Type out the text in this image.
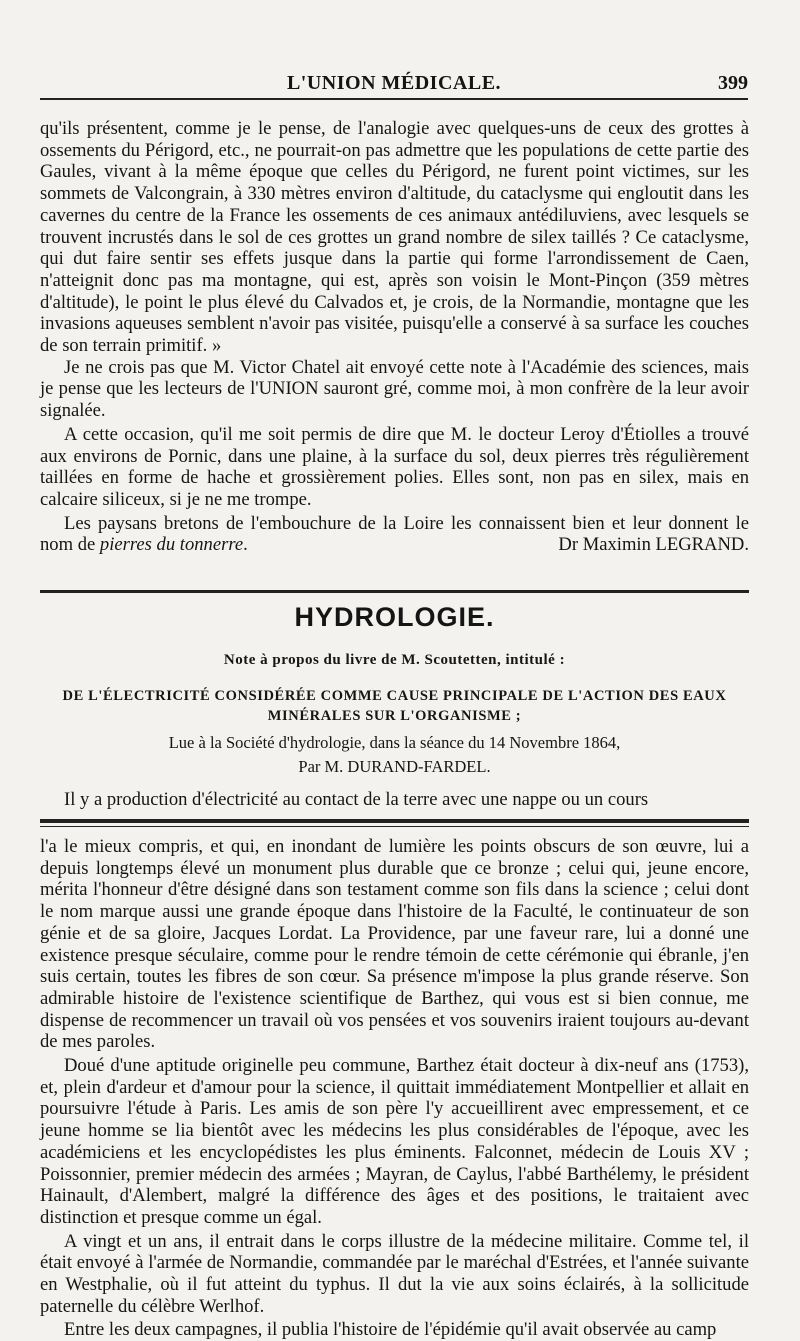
L'UNION MÉDICALE.	399

qu'ils présentent, comme je le pense, de l'analogie avec quelques-uns de ceux des grottes à ossements du Périgord, etc., ne pourrait-on pas admettre que les populations de cette partie des Gaules, vivant à la même époque que celles du Périgord, ne furent point victimes, sur les sommets de Valcongrain, à 330 mètres environ d'altitude, du cataclysme qui engloutit dans les cavernes du centre de la France les ossements de ces animaux antédiluviens, avec lesquels se trouvent incrustés dans le sol de ces grottes un grand nombre de silex taillés ? Ce cataclysme, qui dut faire sentir ses effets jusque dans la partie qui forme l'arrondissement de Caen, n'atteignit donc pas ma montagne, qui est, après son voisin le Mont-Pinçon (359 mètres d'altitude), le point le plus élevé du Calvados et, je crois, de la Normandie, montagne que les invasions aqueuses semblent n'avoir pas visitée, puisqu'elle a conservé à sa surface les couches de son terrain primitif. »

Je ne crois pas que M. Victor Chatel ait envoyé cette note à l'Académie des sciences, mais je pense que les lecteurs de l'UNION sauront gré, comme moi, à mon confrère de la leur avoir signalée.

A cette occasion, qu'il me soit permis de dire que M. le docteur Leroy d'Étiolles a trouvé aux environs de Pornic, dans une plaine, à la surface du sol, deux pierres très régulièrement taillées en forme de hache et grossièrement polies. Elles sont, non pas en silex, mais en calcaire siliceux, si je ne me trompe.

Les paysans bretons de l'embouchure de la Loire les connaissent bien et leur donnent le nom de pierres du tonnerre.	Dr Maximin LEGRAND.
HYDROLOGIE.
Note à propos du livre de M. Scoutetten, intitulé :
DE L'ÉLECTRICITÉ CONSIDÉRÉE COMME CAUSE PRINCIPALE DE L'ACTION DES EAUX MINÉRALES SUR L'ORGANISME ;
Lue à la Société d'hydrologie, dans la séance du 14 Novembre 1864,
Par M. DURAND-FARDEL.

Il y a production d'électricité au contact de la terre avec une nappe ou un cours

l'a le mieux compris, et qui, en inondant de lumière les points obscurs de son œuvre, lui a depuis longtemps élevé un monument plus durable que ce bronze ; celui qui, jeune encore, mérita l'honneur d'être désigné dans son testament comme son fils dans la science ; celui dont le nom marque aussi une grande époque dans l'histoire de la Faculté, le continuateur de son génie et de sa gloire, Jacques Lordat. La Providence, par une faveur rare, lui a donné une existence presque séculaire, comme pour le rendre témoin de cette cérémonie qui ébranle, j'en suis certain, toutes les fibres de son cœur. Sa présence m'impose la plus grande réserve. Son admirable histoire de l'existence scientifique de Barthez, qui vous est si bien connue, me dispense de recommencer un travail où vos pensées et vos souvenirs iraient toujours au-devant de mes paroles.

Doué d'une aptitude originelle peu commune, Barthez était docteur à dix-neuf ans (1753), et, plein d'ardeur et d'amour pour la science, il quittait immédiatement Montpellier et allait en poursuivre l'étude à Paris. Les amis de son père l'y accueillirent avec empressement, et ce jeune homme se lia bientôt avec les médecins les plus considérables de l'époque, avec les académiciens et les encyclopédistes les plus éminents. Falconnet, médecin de Louis XV ; Poissonnier, premier médecin des armées ; Mayran, de Caylus, l'abbé Barthélemy, le président Hainault, d'Alembert, malgré la différence des âges et des positions, le traitaient avec distinction et presque comme un égal.

A vingt et un ans, il entrait dans le corps illustre de la médecine militaire. Comme tel, il était envoyé à l'armée de Normandie, commandée par le maréchal d'Estrées, et l'année suivante en Westphalie, où il fut atteint du typhus. Il dut la vie aux soins éclairés, à la sollicitude paternelle du célèbre Werlhof.

Entre les deux campagnes, il publia l'histoire de l'épidémie qu'il avait observée au camp
